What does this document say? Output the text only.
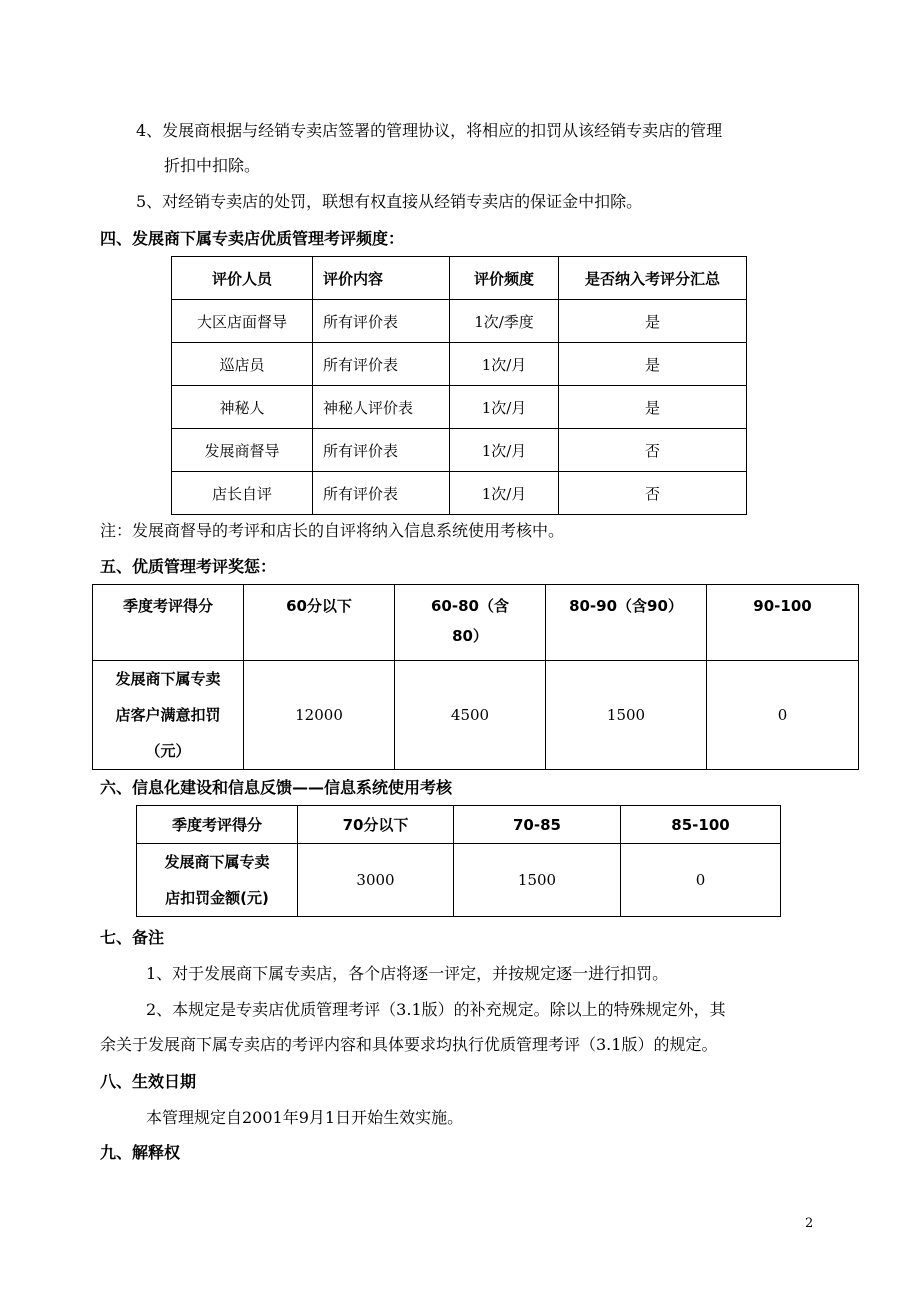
4、发展商根据与经销专卖店签署的管理协议，将相应的扣罚从该经销专卖店的管理
折扣中扣除。
5、对经销专卖店的处罚，联想有权直接从经销专卖店的保证金中扣除。
四、发展商下属专卖店优质管理考评频度：
评价人员	评价内容	评价频度	是否纳入考评分汇总
大区店面督导	所有评价表	1次/季度	是
巡店员	所有评价表	1次/月	是
神秘人	神秘人评价表	1次/月	是
发展商督导	所有评价表	1次/月	否
店长自评	所有评价表	1次/月	否
注：发展商督导的考评和店长的自评将纳入信息系统使用考核中。
五、优质管理考评奖惩：
季度考评得分	60分以下	60-80（含
80）	80-90（含90）	90-100

发展商下属专卖
店客户满意扣罚
（元）	12000	4500	1500	0
六、信息化建设和信息反馈——信息系统使用考核
季度考评得分	70分以下	70-85	85-100

发展商下属专卖
店扣罚金额(元)	3000	1500	0
七、备注
1、对于发展商下属专卖店，各个店将逐一评定，并按规定逐一进行扣罚。
2、本规定是专卖店优质管理考评（3.1版）的补充规定。除以上的特殊规定外，其
余关于发展商下属专卖店的考评内容和具体要求均执行优质管理考评（3.1版）的规定。
八、生效日期
本管理规定自2001年9月1日开始生效实施。
九、解释权
2
